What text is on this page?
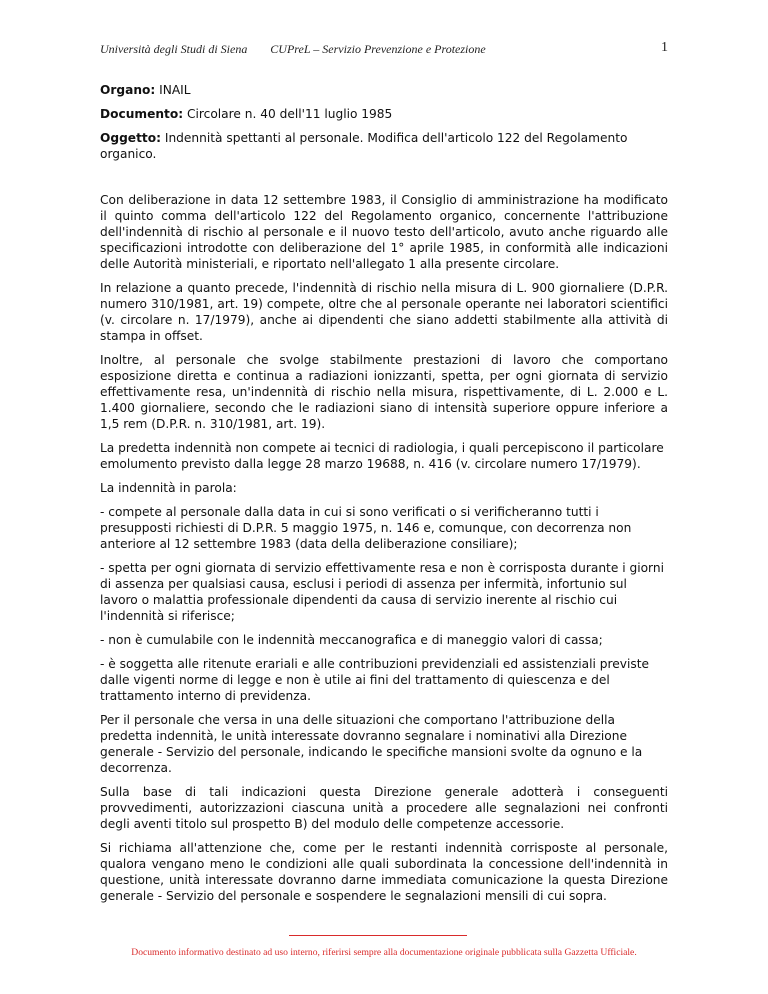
Università degli Studi di Siena	CUPreL – Servizio Prevenzione e Protezione	1

Organo: INAIL

Documento: Circolare n. 40 dell'11 luglio 1985

Oggetto: Indennità spettanti al personale. Modifica dell'articolo 122 del Regolamento organico.

Con deliberazione in data 12 settembre 1983, il Consiglio di amministrazione ha modificato il quinto comma dell'articolo 122 del Regolamento organico, concernente l'attribuzione dell'indennità di rischio al personale e il nuovo testo dell'articolo, avuto anche riguardo alle specificazioni introdotte con deliberazione del 1° aprile 1985, in conformità alle indicazioni delle Autorità ministeriali, e riportato nell'allegato 1 alla presente circolare.

In relazione a quanto precede, l'indennità di rischio nella misura di L. 900 giornaliere (D.P.R. numero 310/1981, art. 19) compete, oltre che al personale operante nei laboratori scientifici (v. circolare n. 17/1979), anche ai dipendenti che siano addetti stabilmente alla attività di stampa in offset.

Inoltre, al personale che svolge stabilmente prestazioni di lavoro che comportano esposizione diretta e continua a radiazioni ionizzanti, spetta, per ogni giornata di servizio effettivamente resa, un'indennità di rischio nella misura, rispettivamente, di L. 2.000 e L. 1.400 giornaliere, secondo che le radiazioni siano di intensità superiore oppure inferiore a 1,5 rem (D.P.R. n. 310/1981, art. 19).

La predetta indennità non compete ai tecnici di radiologia, i quali percepiscono il particolare emolumento previsto dalla legge 28 marzo 19688, n. 416 (v. circolare numero 17/1979).

La indennità in parola:

- compete al personale dalla data in cui si sono verificati o si verificheranno tutti i presupposti richiesti di D.P.R. 5 maggio 1975, n. 146 e, comunque, con decorrenza non anteriore al 12 settembre 1983 (data della deliberazione consiliare);

- spetta per ogni giornata di servizio effettivamente resa e non è corrisposta durante i giorni di assenza per qualsiasi causa, esclusi i periodi di assenza per infermità, infortunio sul lavoro o malattia professionale dipendenti da causa di servizio inerente al rischio cui l'indennità si riferisce;

- non è cumulabile con le indennità meccanografica e di maneggio valori di cassa;

- è soggetta alle ritenute erariali e alle contribuzioni previdenziali ed assistenziali previste dalle vigenti norme di legge e non è utile ai fini del trattamento di quiescenza e del trattamento interno di previdenza.

Per il personale che versa in una delle situazioni che comportano l'attribuzione della predetta indennità, le unità interessate dovranno segnalare i nominativi alla Direzione generale - Servizio del personale, indicando le specifiche mansioni svolte da ognuno e la decorrenza.

Sulla base di tali indicazioni questa Direzione generale adotterà i conseguenti provvedimenti, autorizzazioni ciascuna unità a procedere alle segnalazioni nei confronti degli aventi titolo sul prospetto B) del modulo delle competenze accessorie.

Si richiama all'attenzione che, come per le restanti indennità corrisposte al personale, qualora vengano meno le condizioni alle quali subordinata la concessione dell'indennità in questione, unità interessate dovranno darne immediata comunicazione la questa Direzione generale - Servizio del personale e sospendere le segnalazioni mensili di cui sopra.

Documento informativo destinato ad uso interno, riferirsi sempre alla documentazione originale pubblicata sulla Gazzetta Ufficiale.
